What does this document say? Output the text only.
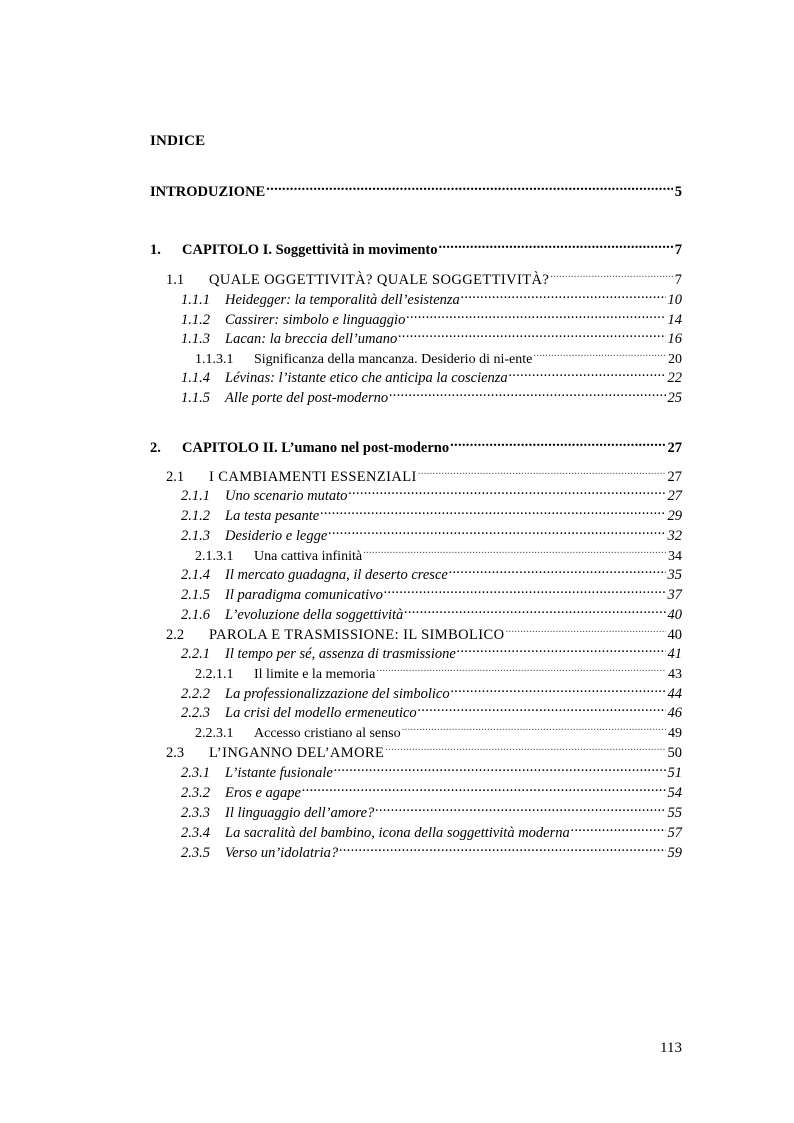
INDICE
INTRODUZIONE .....	5
1.	CAPITOLO I. Soggettività in movimento .....	7
1.1	QUALE OGGETTIVITÀ? QUALE SOGGETTIVITÀ? .....	7
1.1.1	Heidegger: la temporalità dell’esistenza .....	10
1.1.2	Cassirer: simbolo e linguaggio .....	14
1.1.3	Lacan: la breccia dell’umano .....	16
1.1.3.1	Significanza della mancanza. Desiderio di ni-ente .....	20
1.1.4	Lévinas: l’istante etico che anticipa la coscienza .....	22
1.1.5	Alle porte del post-moderno .....	25
2.	CAPITOLO II. L’umano nel post-moderno .....	27
2.1	I CAMBIAMENTI ESSENZIALI .....	27
2.1.1	Uno scenario mutato .....	27
2.1.2	La testa pesante .....	29
2.1.3	Desiderio e legge .....	32
2.1.3.1	Una cattiva infinità .....	34
2.1.4	Il mercato guadagna, il deserto cresce .....	35
2.1.5	Il paradigma comunicativo .....	37
2.1.6	L’evoluzione della soggettività .....	40
2.2	PAROLA E TRASMISSIONE: IL SIMBOLICO .....	40
2.2.1	Il tempo per sé, assenza di trasmissione .....	41
2.2.1.1	Il limite e la memoria .....	43
2.2.2	La professionalizzazione del simbolico .....	44
2.2.3	La crisi del modello ermeneutico .....	46
2.2.3.1	Accesso cristiano al senso .....	49
2.3	L’INGANNO DEL’AMORE .....	50
2.3.1	L’istante fusionale .....	51
2.3.2	Eros e agape .....	54
2.3.3	Il linguaggio dell’amore? .....	55
2.3.4	La sacralità del bambino, icona della soggettività moderna .....	57
2.3.5	Verso un’idolatria? .....	59
113
